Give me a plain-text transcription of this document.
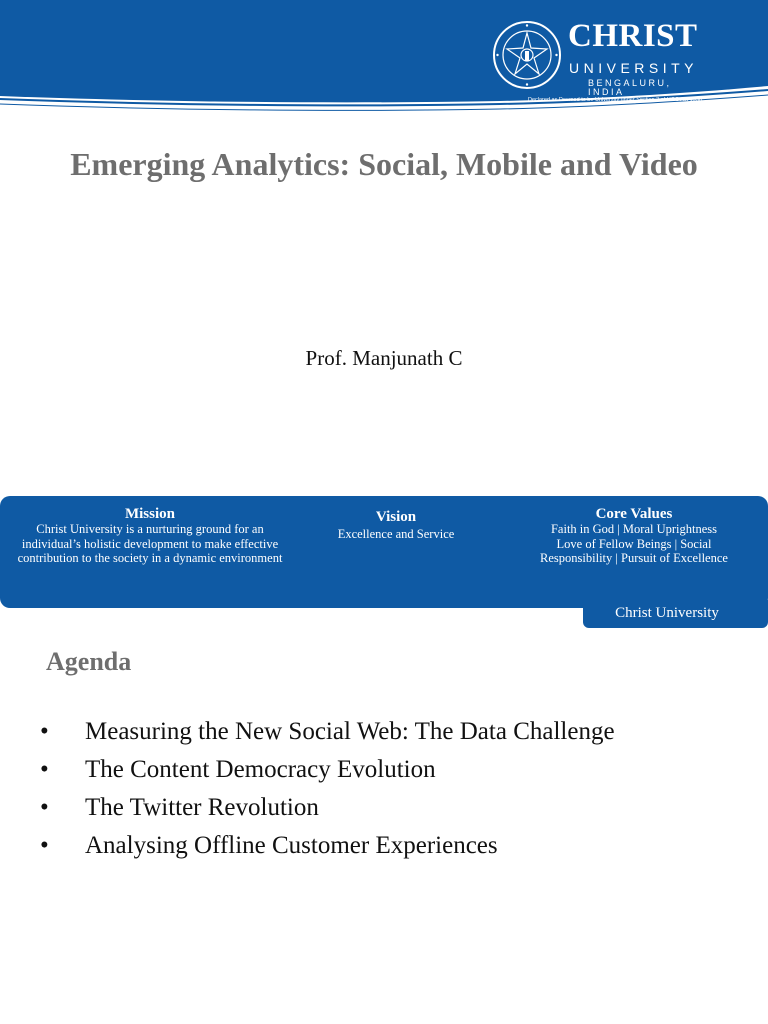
CHRIST
UNIVERSITY
BENGALURU, INDIA
Declared as Deemed to be University under Section 3 of UGC Act 1956
Emerging Analytics: Social, Mobile and Video
Prof. Manjunath C
Mission
Christ University is a nurturing ground for an
individual’s holistic development to make effective
contribution to the society in a dynamic environment
Vision
Excellence and Service
Core Values
Faith in God | Moral Uprightness
Love of Fellow Beings | Social
Responsibility | Pursuit of Excellence
Christ University
Agenda
•	Measuring the New Social Web: The Data Challenge
•	The Content Democracy Evolution
•	The Twitter Revolution
•	Analysing Offline Customer Experiences
